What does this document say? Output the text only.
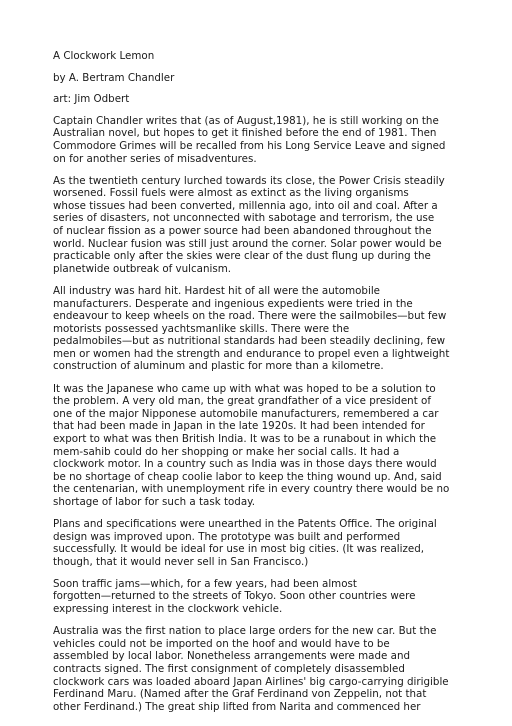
A Clockwork Lemon
by A. Bertram Chandler
art: Jim Odbert
Captain Chandler writes that (as of August,1981), he is still working on the
Australian novel, but hopes to get it finished before the end of 1981. Then
Commodore Grimes will be recalled from his Long Service Leave and signed
on for another series of misadventures.
As the twentieth century lurched towards its close, the Power Crisis steadily
worsened. Fossil fuels were almost as extinct as the living organisms
whose tissues had been converted, millennia ago, into oil and coal. After a
series of disasters, not unconnected with sabotage and terrorism, the use
of nuclear fission as a power source had been abandoned throughout the
world. Nuclear fusion was still just around the corner. Solar power would be
practicable only after the skies were clear of the dust flung up during the
planetwide outbreak of vulcanism.
All industry was hard hit. Hardest hit of all were the automobile
manufacturers. Desperate and ingenious expedients were tried in the
endeavour to keep wheels on the road. There were the sailmobiles—but few
motorists possessed yachtsmanlike skills. There were the
pedalmobiles—but as nutritional standards had been steadily declining, few
men or women had the strength and endurance to propel even a lightweight
construction of aluminum and plastic for more than a kilometre.
It was the Japanese who came up with what was hoped to be a solution to
the problem. A very old man, the great grandfather of a vice president of
one of the major Nipponese automobile manufacturers, remembered a car
that had been made in Japan in the late 1920s. It had been intended for
export to what was then British India. It was to be a runabout in which the
mem-sahib could do her shopping or make her social calls. It had a
clockwork motor. In a country such as India was in those days there would
be no shortage of cheap coolie labor to keep the thing wound up. And, said
the centenarian, with unemployment rife in every country there would be no
shortage of labor for such a task today.
Plans and specifications were unearthed in the Patents Office. The original
design was improved upon. The prototype was built and performed
successfully. It would be ideal for use in most big cities. (It was realized,
though, that it would never sell in San Francisco.)
Soon traffic jams—which, for a few years, had been almost
forgotten—returned to the streets of Tokyo. Soon other countries were
expressing interest in the clockwork vehicle.
Australia was the first nation to place large orders for the new car. But the
vehicles could not be imported on the hoof and would have to be
assembled by local labor. Nonetheless arrangements were made and
contracts signed. The first consignment of completely disassembled
clockwork cars was loaded aboard Japan Airlines' big cargo-carrying dirigible
Ferdinand Maru. (Named after the Graf Ferdinand von Zeppelin, not that
other Ferdinand.) The great ship lifted from Narita and commenced her
